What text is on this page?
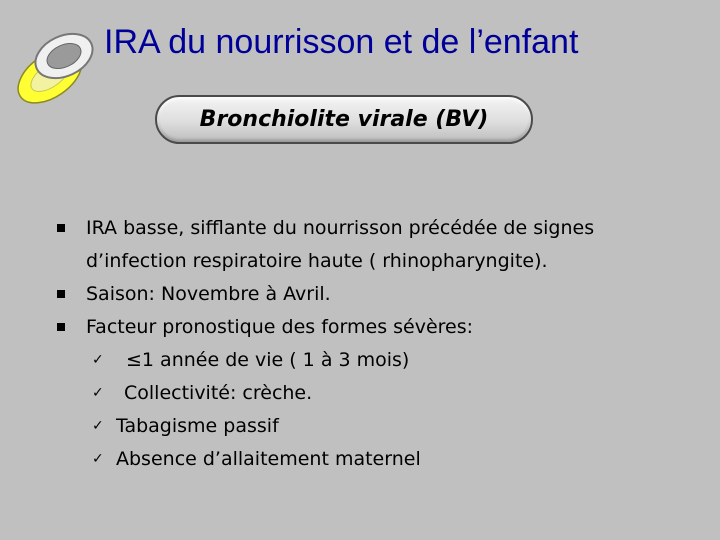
IRA du nourrisson et de l’enfant
Bronchiolite virale (BV)
IRA basse, sifflante du nourrisson précédée de signes
d’infection respiratoire haute ( rhinopharyngite).
Saison: Novembre à Avril.
Facteur pronostique des formes sévères:
✓ ≤1 année de vie ( 1 à 3 mois)
✓ Collectivité: crèche.
✓ Tabagisme passif
✓ Absence d’allaitement maternel
